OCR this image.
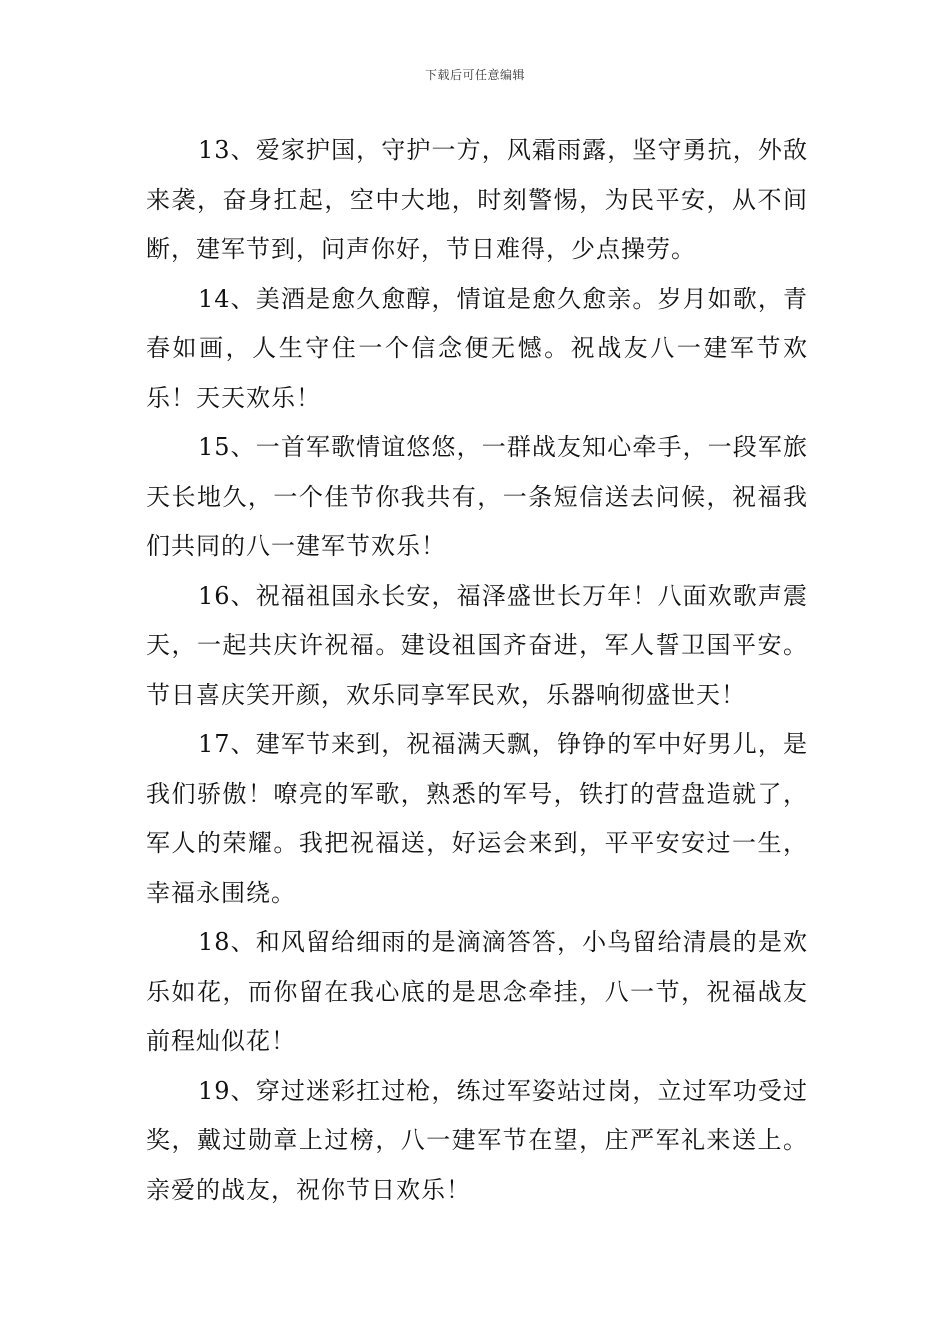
下载后可任意编辑

13、爱家护国，守护一方，风霜雨露，坚守勇抗，外敌来袭，奋身扛起，空中大地，时刻警惕，为民平安，从不间断，建军节到，问声你好，节日难得，少点操劳。

14、美酒是愈久愈醇，情谊是愈久愈亲。岁月如歌，青春如画，人生守住一个信念便无憾。祝战友八一建军节欢乐！天天欢乐！

15、一首军歌情谊悠悠，一群战友知心牵手，一段军旅天长地久，一个佳节你我共有，一条短信送去问候，祝福我们共同的八一建军节欢乐！

16、祝福祖国永长安，福泽盛世长万年！八面欢歌声震天，一起共庆许祝福。建设祖国齐奋进，军人誓卫国平安。节日喜庆笑开颜，欢乐同享军民欢，乐器响彻盛世天！

17、建军节来到，祝福满天飘，铮铮的军中好男儿，是我们骄傲！嘹亮的军歌，熟悉的军号，铁打的营盘造就了，军人的荣耀。我把祝福送，好运会来到，平平安安过一生，幸福永围绕。

18、和风留给细雨的是滴滴答答，小鸟留给清晨的是欢乐如花，而你留在我心底的是思念牵挂，八一节，祝福战友前程灿似花！

19、穿过迷彩扛过枪，练过军姿站过岗，立过军功受过奖，戴过勋章上过榜，八一建军节在望，庄严军礼来送上。亲爱的战友，祝你节日欢乐！
